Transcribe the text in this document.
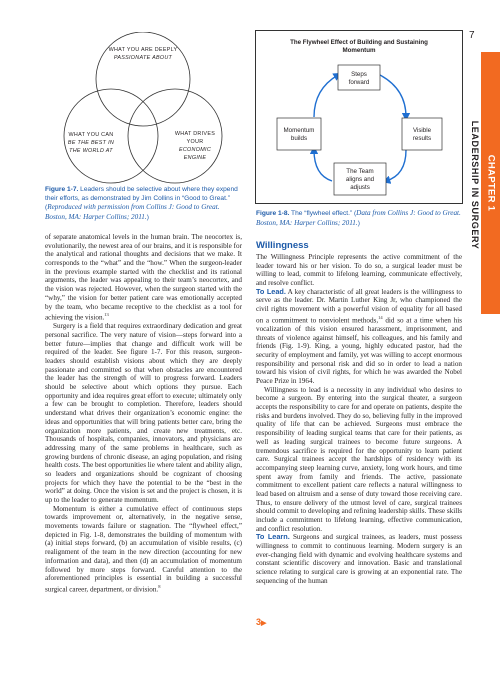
7
CHAPTER 1
LEADERSHIP IN SURGERY
WHAT YOU ARE DEEPLY
PASSIONATE ABOUT
WHAT YOU CAN
BE THE BEST IN
THE WORLD AT
WHAT DRIVES
YOUR
ECONOMIC
ENGINE
Figure 1-7. Leaders should be selective about where they expend their efforts, as demonstrated by Jim Collins in “Good to Great.” (Reproduced with permission from Collins J: Good to Great. Boston, MA: Harper Collins; 2011.)
The Flywheel Effect of Building and Sustaining
Momentum
Steps
forward
Momentum
builds
Visible
results
The Team
aligns and
adjusts
Figure 1-8. The “flywheel effect.” (Data from Collins J: Good to Great. Boston, MA: Harper Collins; 2011.)

of separate anatomical levels in the human brain. The neocortex is, evolutionarily, the newest area of our brains, and it is responsible for the analytical and rational thoughts and decisions that we make. It corresponds to the “what” and the “how.” When the surgeon-leader in the previous example started with the checklist and its rational arguments, the leader was appealing to their team’s neocortex, and the vision was rejected. However, when the surgeon started with the “why,” the vision for better patient care was emotionally accepted by the team, who became receptive to the checklist as a tool for achieving the vision.$^{13}$

Surgery is a field that requires extraordinary dedication and great personal sacrifice. The very nature of vision—steps forward into a better future—implies that change and difficult work will be required of the leader. See figure 1-7. For this reason, surgeon-leaders should establish visions about which they are deeply passionate and committed so that when obstacles are encountered the leader has the strength of will to progress forward. Leaders should be selective about which options they pursue. Each opportunity and idea requires great effort to execute; ultimately only a few can be brought to completion. Therefore, leaders should understand what drives their organization’s economic engine: the ideas and opportunities that will bring patients better care, bring the organization more patients, and create new treatments, etc. Thousands of hospitals, companies, innovators, and physicians are addressing many of the same problems in healthcare, such as growing burdens of chronic disease, an aging population, and rising health costs. The best opportunities lie where talent and ability align, so leaders and organizations should be cognizant of choosing projects for which they have the potential to be the “best in the world” at doing. Once the vision is set and the project is chosen, it is up to the leader to generate momentum.

Momentum is either a cumulative effect of continuous steps towards improvement or, alternatively, in the negative sense, movements towards failure or stagnation. The “flywheel effect,” depicted in Fig. 1-8, demonstrates the building of momentum with (a) initial steps forward, (b) an accumulation of visible results, (c) realignment of the team in the new direction (accounting for new information and data), and then (d) an accumulation of momentum followed by more steps forward. Careful attention to the aforementioned principles is essential in building a successful surgical career, department, or division.$^8$

Willingness

The Willingness Principle represents the active commitment of the leader toward his or her vision. To do so, a surgical leader must be willing to lead, commit to lifelong learning, communicate effectively, and resolve conflict.

To Lead. A key characteristic of all great leaders is the willingness to serve as the leader. Dr. Martin Luther King Jr, who championed the civil rights movement with a powerful vision of equality for all based on a commitment to nonviolent methods,$^{14}$ did so at a time when his vocalization of this vision ensured harassment, imprisonment, and threats of violence against himself, his colleagues, and his family and friends (Fig. 1-9). King, a young, highly educated pastor, had the security of employment and family, yet was willing to accept enormous responsibility and personal risk and did so in order to lead a nation toward his vision of civil rights, for which he was awarded the Nobel Peace Prize in 1964.

Willingness to lead is a necessity in any individual who desires to become a surgeon. By entering into the surgical theater, a surgeon accepts the responsibility to care for and operate on patients, despite the risks and burdens involved. They do so, believing fully in the improved quality of life that can be achieved. Surgeons must embrace the responsibility of leading surgical teams that care for their patients, as well as leading surgical trainees to become future surgeons. A tremendous sacrifice is required for the opportunity to learn patient care. Surgical trainees accept the hardships of residency with its accompanying steep learning curve, anxiety, long work hours, and time spent away from family and friends. The active, passionate commitment to excellent patient care reflects a natural willingness to lead based on altruism and a sense of duty toward those receiving care. Thus, to ensure delivery of the utmost level of care, surgical trainees should commit to developing and refining leadership skills. These skills include a commitment to lifelong learning, effective communication, and conflict resolution.

To Learn. Surgeons and surgical trainees, as leaders, must possess willingness to commit to continuous learning. Modern surgery is an ever-changing field with dynamic and evolving healthcare systems and constant scientific discovery and innovation. Basic and translational science relating to surgical care is growing at an exponential rate. The sequencing of the human

3▶
